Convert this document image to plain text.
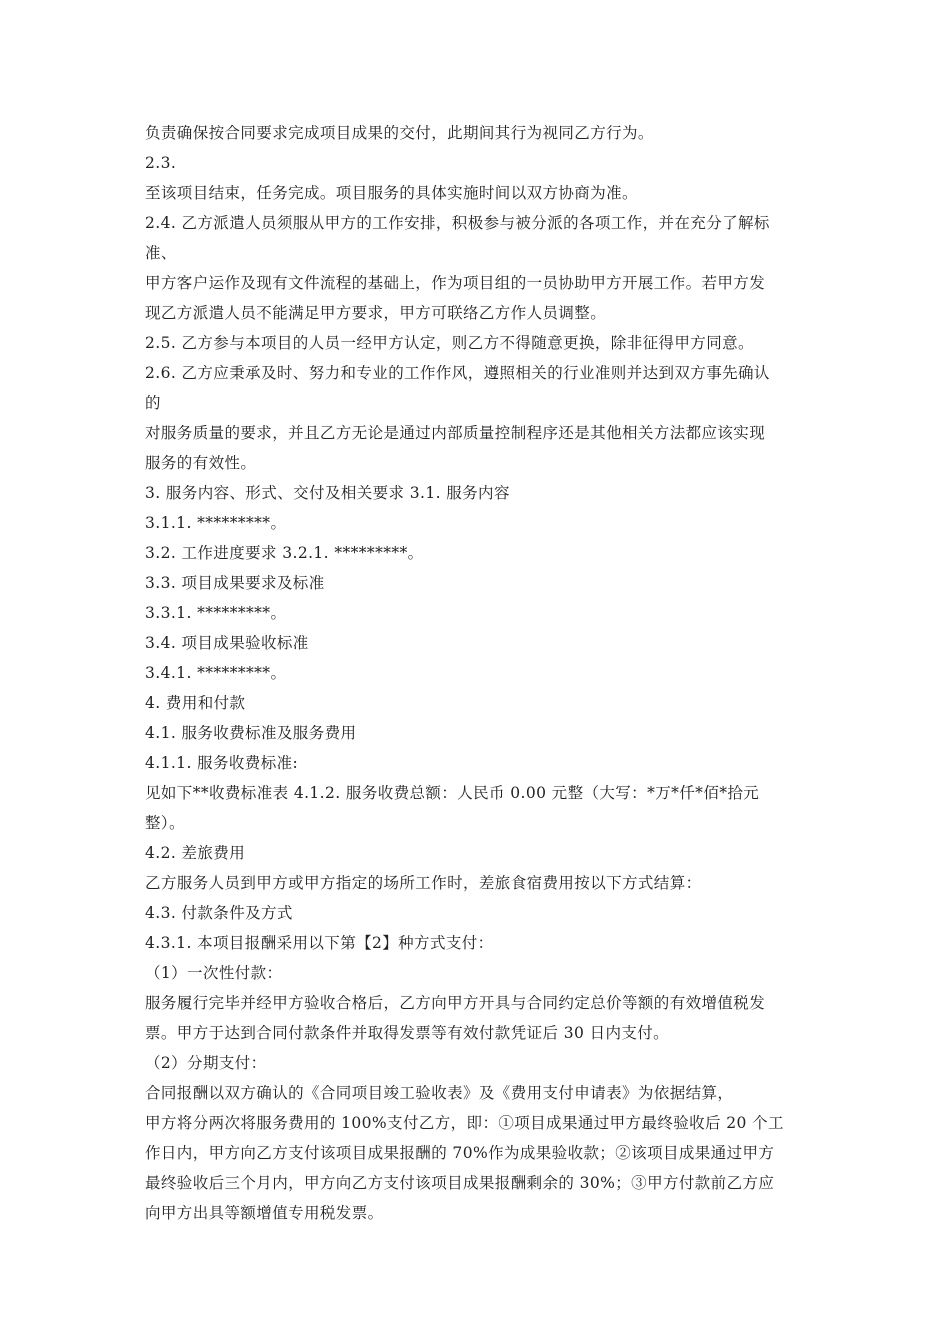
负责确保按合同要求完成项目成果的交付，此期间其行为视同乙方行为。
2.3.
至该项目结束，任务完成。项目服务的具体实施时间以双方协商为准。
2.4. 乙方派遣人员须服从甲方的工作安排，积极参与被分派的各项工作，并在充分了解标
准、
甲方客户运作及现有文件流程的基础上，作为项目组的一员协助甲方开展工作。若甲方发
现乙方派遣人员不能满足甲方要求，甲方可联络乙方作人员调整。
2.5. 乙方参与本项目的人员一经甲方认定，则乙方不得随意更换，除非征得甲方同意。
2.6. 乙方应秉承及时、努力和专业的工作作风，遵照相关的行业准则并达到双方事先确认
的
对服务质量的要求，并且乙方无论是通过内部质量控制程序还是其他相关方法都应该实现
服务的有效性。
3. 服务内容、形式、交付及相关要求 3.1. 服务内容
3.1.1. *********。
3.2. 工作进度要求 3.2.1. *********。
3.3. 项目成果要求及标准
3.3.1. *********。
3.4. 项目成果验收标准
3.4.1. *********。
4. 费用和付款
4.1. 服务收费标准及服务费用
4.1.1. 服务收费标准:
见如下**收费标准表 4.1.2. 服务收费总额：人民币 0.00 元整（大写：*万*仟*佰*拾元
整）。
4.2. 差旅费用
乙方服务人员到甲方或甲方指定的场所工作时，差旅食宿费用按以下方式结算：
4.3. 付款条件及方式
4.3.1. 本项目报酬采用以下第【2】种方式支付：
（1）一次性付款：
服务履行完毕并经甲方验收合格后，乙方向甲方开具与合同约定总价等额的有效增值税发
票。甲方于达到合同付款条件并取得发票等有效付款凭证后 30 日内支付。
（2）分期支付：
合同报酬以双方确认的《合同项目竣工验收表》及《费用支付申请表》为依据结算，
甲方将分两次将服务费用的 100%支付乙方，即：①项目成果通过甲方最终验收后 20 个工
作日内，甲方向乙方支付该项目成果报酬的 70%作为成果验收款；②该项目成果通过甲方
最终验收后三个月内，甲方向乙方支付该项目成果报酬剩余的 30%；③甲方付款前乙方应
向甲方出具等额增值专用税发票。
